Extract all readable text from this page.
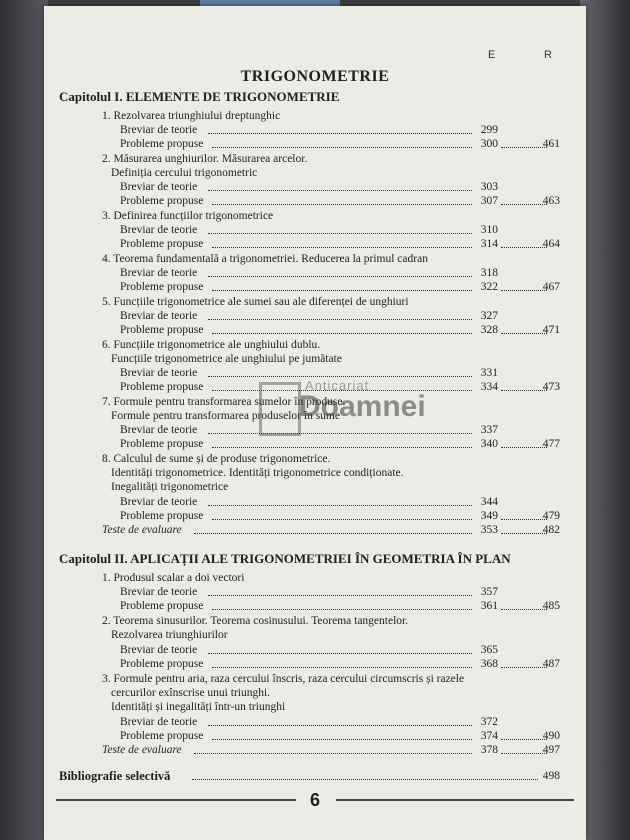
E	R
TRIGONOMETRIE
Capitolul I. ELEMENTE DE TRIGONOMETRIE
1. Rezolvarea triunghiului dreptunghic
Breviar de teorie	299
Probleme propuse	300	461
2. Măsurarea unghiurilor. Măsurarea arcelor.
Definiția cercului trigonometric
Breviar de teorie	303
Probleme propuse	307	463
3. Definirea funcțiilor trigonometrice
Breviar de teorie	310
Probleme propuse	314	464
4. Teorema fundamentală a trigonometriei. Reducerea la primul cadran
Breviar de teorie	318
Probleme propuse	322	467
5. Funcțiile trigonometrice ale sumei sau ale diferenței de unghiuri
Breviar de teorie	327
Probleme propuse	328	471
6. Funcțiile trigonometrice ale unghiului dublu.
Funcțiile trigonometrice ale unghiului pe jumătate
Breviar de teorie	331
Probleme propuse	334	473
7. Formule pentru transformarea sumelor în produse.
Formule pentru transformarea produselor în sume
Breviar de teorie	337
Probleme propuse	340	477
8. Calculul de sume și de produse trigonometrice.
Identități trigonometrice. Identități trigonometrice condiționate.
Inegalități trigonometrice
Breviar de teorie	344
Probleme propuse	349	479
Teste de evaluare	353	482
Capitolul II. APLICAȚII ALE TRIGONOMETRIEI ÎN GEOMETRIA ÎN PLAN
1. Produsul scalar a doi vectori
Breviar de teorie	357
Probleme propuse	361	485
2. Teorema sinusurilor. Teorema cosinusului. Teorema tangentelor.
Rezolvarea triunghiurilor
Breviar de teorie	365
Probleme propuse	368	487
3. Formule pentru aria, raza cercului înscris, raza cercului circumscris și razele
cercurilor exînscrise unui triunghi.
Identități și inegalități într-un triunghi
Breviar de teorie	372
Probleme propuse	374	490
Teste de evaluare	378	497
Bibliografie selectivă	498
6
Anticariat
Doamnei
